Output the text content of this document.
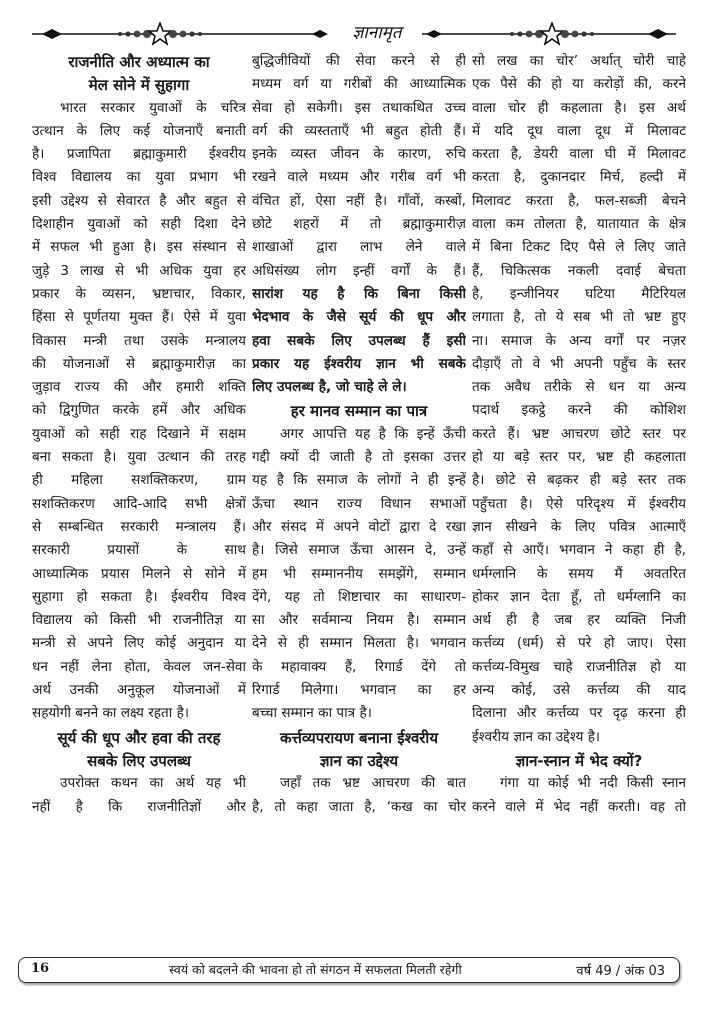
ज्ञानामृत
राजनीति और अध्यात्म का
मेल सोने में सुहागा
भारत सरकार युवाओं के चरित्र
उत्थान के लिए कई योजनाएँ बनाती
है। प्रजापिता ब्रह्माकुमारी ईश्वरीय
विश्व विद्यालय का युवा प्रभाग भी
इसी उद्देश्य से सेवारत है और बहुत से
दिशाहीन युवाओं को सही दिशा देने
में सफल भी हुआ है। इस संस्थान से
जुड़े 3 लाख से भी अधिक युवा हर
प्रकार के व्यसन, भ्रष्टाचार, विकार,
हिंसा से पूर्णतया मुक्त हैं। ऐसे में युवा
विकास मन्त्री तथा उसके मन्त्रालय
की योजनाओं से ब्रह्माकुमारीज़ का
जुड़ाव राज्य की और हमारी शक्ति
को द्विगुणित करके हमें और अधिक
युवाओं को सही राह दिखाने में सक्षम
बना सकता है। युवा उत्थान की तरह
ही महिला सशक्तिकरण, ग्राम
सशक्तिकरण आदि-आदि सभी क्षेत्रों
से सम्बन्धित सरकारी मन्त्रालय हैं।
सरकारी प्रयासों के साथ
आध्यात्मिक प्रयास मिलने से सोने में
सुहागा हो सकता है। ईश्वरीय विश्व
विद्यालय को किसी भी राजनीतिज्ञ या
मन्त्री से अपने लिए कोई अनुदान या
धन नहीं लेना होता, केवल जन-सेवा
अर्थ उनकी अनुकूल योजनाओं में
सहयोगी बनने का लक्ष्य रहता है।
सूर्य की धूप और हवा की तरह
सबके लिए उपलब्ध
उपरोक्त कथन का अर्थ यह भी
नहीं है कि राजनीतिज्ञों और
बुद्धिजीवियों की सेवा करने से ही
मध्यम वर्ग या गरीबों की आध्यात्मिक
सेवा हो सकेगी। इस तथाकथित उच्च
वर्ग की व्यस्तताएँ भी बहुत होती हैं।
इनके व्यस्त जीवन के कारण, रुचि
रखने वाले मध्यम और गरीब वर्ग भी
वंचित हों, ऐसा नहीं है। गाँवों, कस्बों,
छोटे शहरों में तो ब्रह्माकुमारीज़
शाखाओं द्वारा लाभ लेने वाले
अधिसंख्य लोग इन्हीं वर्गों के हैं।
सारांश यह है कि बिना किसी
भेदभाव के जैसे सूर्य की धूप और
हवा सबके लिए उपलब्ध हैं इसी
प्रकार यह ईश्वरीय ज्ञान भी सबके
लिए उपलब्ध है, जो चाहे ले ले।
हर मानव सम्मान का पात्र
अगर आपत्ति यह है कि इन्हें ऊँची
गद्दी क्यों दी जाती है तो इसका उत्तर
यह है कि समाज के लोगों ने ही इन्हें
ऊँचा स्थान राज्य विधान सभाओं
और संसद में अपने वोटों द्वारा दे रखा
है। जिसे समाज ऊँचा आसन दे, उन्हें
हम भी सम्माननीय समझेंगे, सम्मान
देंगे, यह तो शिष्टाचार का साधारण-
सा और सर्वमान्य नियम है। सम्मान
देने से ही सम्मान मिलता है। भगवान
के महावाक्य हैं, रिगार्ड देंगे तो
रिगार्ड मिलेगा। भगवान का हर
बच्चा सम्मान का पात्र है।
कर्त्तव्यपरायण बनाना ईश्वरीय
ज्ञान का उद्देश्य
जहाँ तक भ्रष्ट आचरण की बात
है, तो कहा जाता है, ‘कख का चोर
सो लख का चोर’ अर्थात् चोरी चाहे
एक पैसे की हो या करोड़ों की, करने
वाला चोर ही कहलाता है। इस अर्थ
में यदि दूध वाला दूध में मिलावट
करता है, डेयरी वाला घी में मिलावट
करता है, दुकानदार मिर्च, हल्दी में
मिलावट करता है, फल-सब्जी बेचने
वाला कम तोलता है, यातायात के क्षेत्र
में बिना टिकट दिए पैसे ले लिए जाते
हैं, चिकित्सक नकली दवाई बेचता
है, इन्जीनियर घटिया मैटिरियल
लगाता है, तो ये सब भी तो भ्रष्ट हुए
ना। समाज के अन्य वर्गों पर नज़र
दौड़ाएँ तो वे भी अपनी पहुँच के स्तर
तक अवैध तरीके से धन या अन्य
पदार्थ इकट्ठे करने की कोशिश
करते हैं। भ्रष्ट आचरण छोटे स्तर पर
हो या बड़े स्तर पर, भ्रष्ट ही कहलाता
है। छोटे से बढ़कर ही बड़े स्तर तक
पहुँचता है। ऐसे परिदृश्य में ईश्वरीय
ज्ञान सीखने के लिए पवित्र आत्माएँ
कहाँ से आएँ। भगवान ने कहा ही है,
धर्मग्लानि के समय मैं अवतरित
होकर ज्ञान देता हूँ, तो धर्मग्लानि का
अर्थ ही है जब हर व्यक्ति निजी
कर्त्तव्य (धर्म) से परे हो जाए। ऐसा
कर्त्तव्य-विमुख चाहे राजनीतिज्ञ हो या
अन्य कोई, उसे कर्त्तव्य की याद
दिलाना और कर्त्तव्य पर दृढ़ करना ही
ईश्वरीय ज्ञान का उद्देश्य है।
ज्ञान-स्नान में भेद क्यों?
गंगा या कोई भी नदी किसी स्नान
करने वाले में भेद नहीं करती। वह तो
16	स्वयं को बदलने की भावना हो तो संगठन में सफलता मिलती रहेगी	वर्ष 49 / अंक 03
